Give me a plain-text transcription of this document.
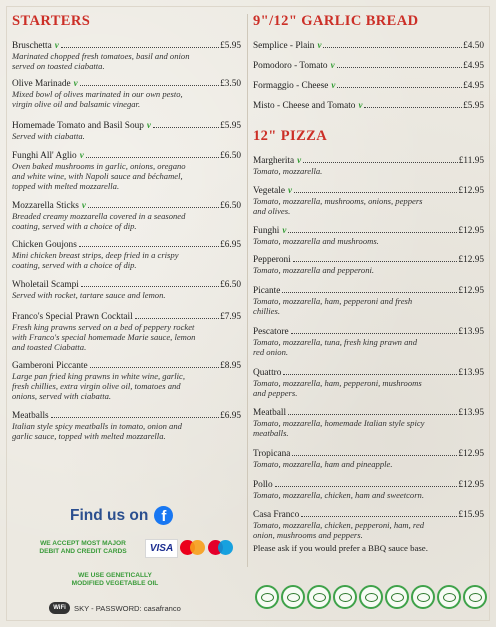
STARTERS
Bruschetta v	£5.95
Marinated chopped fresh tomatoes, basil and onion
served on toasted ciabatta.
Olive Marinade v	£3.50
Mixed bowl of olives marinated in our own pesto,
virgin olive oil and balsamic vinegar.
Homemade Tomato and Basil Soup v	£5.95
Served with ciabatta.
Funghi All' Aglio v	£6.50
Oven baked mushrooms in garlic, onions, oregano
and white wine, with Napoli sauce and béchamel,
topped with melted mozzarella.
Mozzarella Sticks v	£6.50
Breaded creamy mozzarella covered in a seasoned
coating, served with a choice of dip.
Chicken Goujons	£6.95
Mini chicken breast strips, deep fried in a crispy
coating, served with a choice of dip.
Wholetail Scampi	£6.50
Served with rocket, tartare sauce and lemon.
Franco's Special Prawn Cocktail	£7.95
Fresh king prawns served on a bed of peppery rocket
with Franco's special homemade Marie sauce, lemon
and toasted Ciabatta.
Gamberoni Piccante	£8.95
Large pan fried king prawns in white wine, garlic,
fresh chillies, extra virgin olive oil, tomatoes and
onions, served with ciabatta.
Meatballs	£6.95
Italian style spicy meatballs in tomato, onion and
garlic sauce, topped with melted mozzarella.
9"/12" GARLIC BREAD
12" PIZZA
Please ask if you would prefer a BBQ sauce base.
Semplice - Plain v	£4.50
Pomodoro - Tomato v	£4.95
Formaggio - Cheese v	£4.95
Misto - Cheese and Tomato v	£5.95
Margherita v	£11.95
Tomato, mozzarella.
Vegetale v	£12.95
Tomato, mozzarella, mushrooms, onions, peppers
and olives.
Funghi v	£12.95
Tomato, mozzarella and mushrooms.
Pepperoni	£12.95
Tomato, mozzarella and pepperoni.
Picante	£12.95
Tomato, mozzarella, ham, pepperoni and fresh
chillies.
Pescatore	£13.95
Tomato, mozzarella, tuna, fresh king prawn and
red onion.
Quattro	£13.95
Tomato, mozzarella, ham, pepperoni, mushrooms
and peppers.
Meatball	£13.95
Tomato, mozzarella, homemade Italian style spicy
meatballs.
Tropicana	£12.95
Tomato, mozzarella, ham and pineapple.
Pollo	£12.95
Tomato, mozzarella, chicken, ham and sweetcorn.
Casa Franco	£15.95
Tomato, mozzarella, chicken, pepperoni, ham, red
onion, mushrooms and peppers.
Find us on f
WE ACCEPT MOST MAJOR
DEBIT AND CREDIT CARDS	VISA
WE USE GENETICALLY
MODIFIED VEGETABLE OIL
WiFi	SKY - PASSWORD: casafranco
